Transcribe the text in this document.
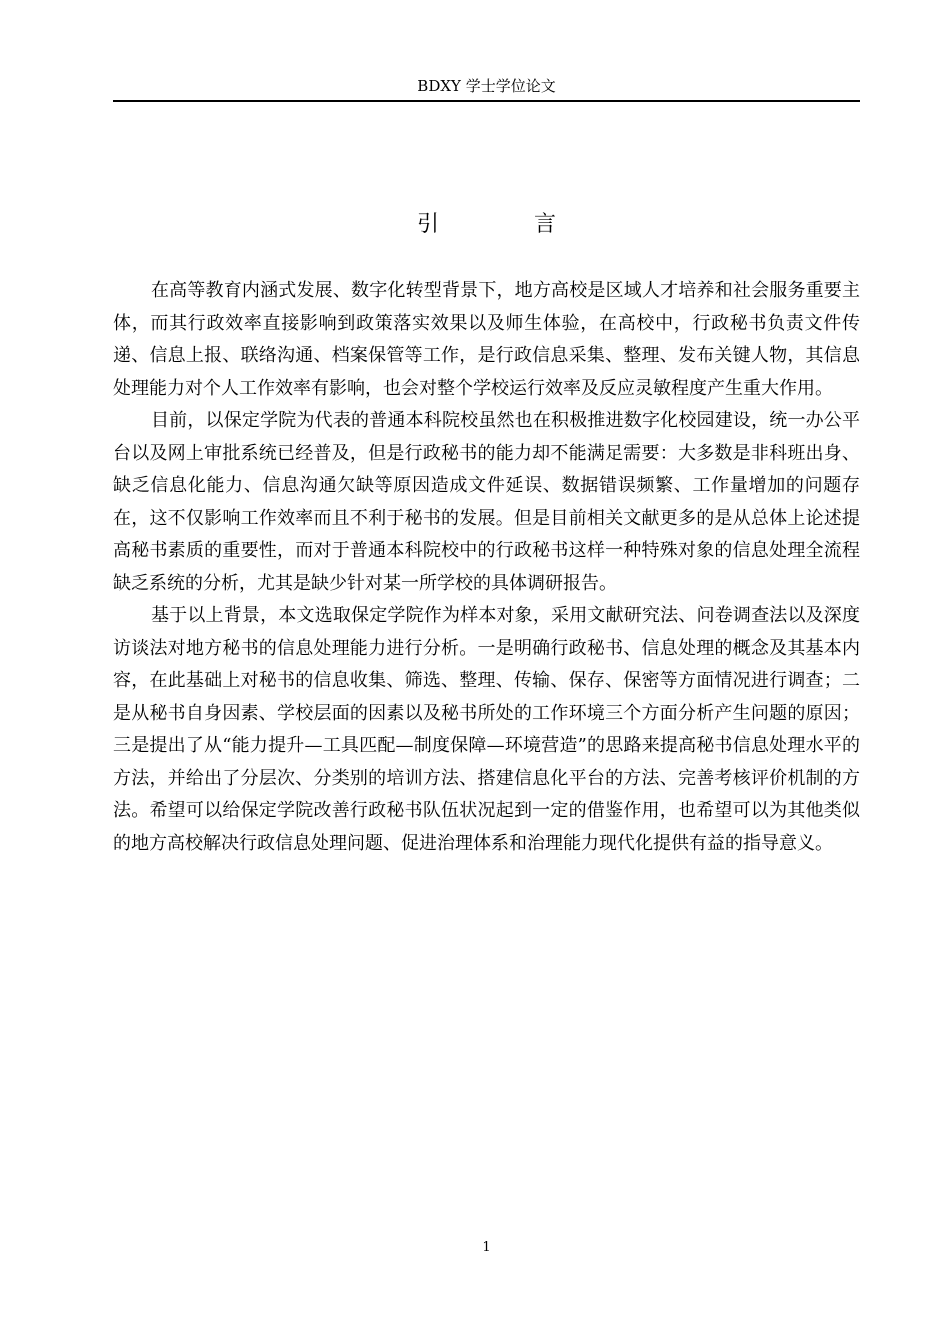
BDXY 学士学位论文
引 言

在高等教育内涵式发展、数字化转型背景下，地方高校是区域人才培养和社会服务重要主体，而其行政效率直接影响到政策落实效果以及师生体验，在高校中，行政秘书负责文件传递、信息上报、联络沟通、档案保管等工作，是行政信息采集、整理、发布关键人物，其信息处理能力对个人工作效率有影响，也会对整个学校运行效率及反应灵敏程度产生重大作用。

目前，以保定学院为代表的普通本科院校虽然也在积极推进数字化校园建设，统一办公平台以及网上审批系统已经普及，但是行政秘书的能力却不能满足需要：大多数是非科班出身、缺乏信息化能力、信息沟通欠缺等原因造成文件延误、数据错误频繁、工作量增加的问题存在，这不仅影响工作效率而且不利于秘书的发展。但是目前相关文献更多的是从总体上论述提高秘书素质的重要性，而对于普通本科院校中的行政秘书这样一种特殊对象的信息处理全流程缺乏系统的分析，尤其是缺少针对某一所学校的具体调研报告。

基于以上背景，本文选取保定学院作为样本对象，采用文献研究法、问卷调查法以及深度访谈法对地方秘书的信息处理能力进行分析。一是明确行政秘书、信息处理的概念及其基本内容，在此基础上对秘书的信息收集、筛选、整理、传输、保存、保密等方面情况进行调查；二是从秘书自身因素、学校层面的因素以及秘书所处的工作环境三个方面分析产生问题的原因；三是提出了从“能力提升—工具匹配—制度保障—环境营造”的思路来提高秘书信息处理水平的方法，并给出了分层次、分类别的培训方法、搭建信息化平台的方法、完善考核评价机制的方法。希望可以给保定学院改善行政秘书队伍状况起到一定的借鉴作用，也希望可以为其他类似的地方高校解决行政信息处理问题、促进治理体系和治理能力现代化提供有益的指导意义。

1
